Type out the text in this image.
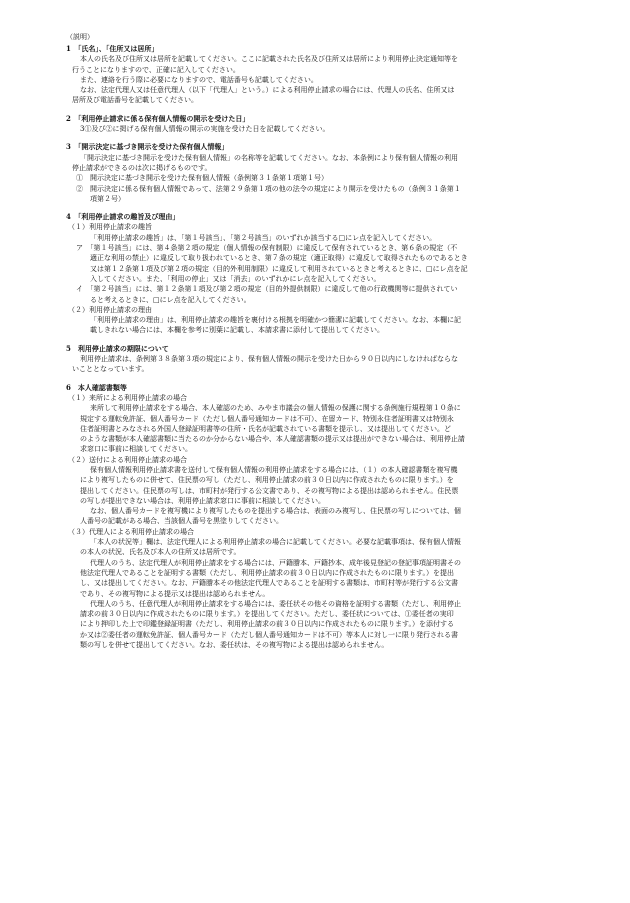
（説明）
1　「氏名」、「住所又は居所」
本人の氏名及び住所又は居所を記載してください。ここに記載された氏名及び住所又は居所により利用停止決定通知等を
行うことになりますので、正確に記入してください。
また、連絡を行う際に必要になりますので、電話番号も記載してください。
なお、法定代理人又は任意代理人（以下「代理人」という。）による利用停止請求の場合には、代理人の氏名、住所又は
居所及び電話番号を記載してください。
2　「利用停止請求に係る保有個人情報の開示を受けた日」
3①及び②に掲げる保有個人情報の開示の実施を受けた日を記載してください。
3　「開示決定に基づき開示を受けた保有個人情報」
「開示決定に基づき開示を受けた保有個人情報」の名称等を記載してください。なお、本条例により保有個人情報の利用
停止請求ができるのは次に掲げるものです。
①　開示決定に基づき開示を受けた保有個人情報（条例第３１条第１項第１号）
②　開示決定に係る保有個人情報であって、法第２９条第１項の他の法令の規定により開示を受けたもの（条例３１条第１
項第２号）
4　「利用停止請求の趣旨及び理由」
（１）利用停止請求の趣旨
「利用停止請求の趣旨」は、「第１号該当」、「第２号該当」のいずれか該当する□にレ点を記入してください。
ア　「第１号該当」には、第４条第２項の規定（個人情報の保有制限）に違反して保有されているとき、第６条の規定（不
適正な利用の禁止）に違反して取り扱われているとき、第７条の規定（適正取得）に違反して取得されたものであるとき
又は第１２条第１項及び第２項の規定（目的外利用制限）に違反して利用されているときと考えるときに、□にレ点を記
入してください。また、「利用の停止」又は「消去」のいずれかにレ点を記入してください。
イ　「第２号該当」には、第１２条第１項及び第２項の規定（目的外提供制限）に違反して他の行政機関等に提供されてい
ると考えるときに、□にレ点を記入してください。
（２）利用停止請求の理由
「利用停止請求の理由」は、利用停止請求の趣旨を裏付ける根拠を明確かつ簡潔に記載してください。なお、本欄に記
載しきれない場合には、本欄を参考に別葉に記載し、本請求書に添付して提出してください。
5　利用停止請求の期限について
利用停止請求は、条例第３８条第３項の規定により、保有個人情報の開示を受けた日から９０日以内にしなければならな
いこととなっています。
6　本人確認書類等
（１）来所による利用停止請求の場合
来所して利用停止請求をする場合、本人確認のため、みやま市議会の個人情報の保護に関する条例施行規程第１０条に
規定する運転免許証、個人番号カード（ただし個人番号通知カードは不可）、在留カード、特別永住者証明書又は特別永
住者証明書とみなされる外国人登録証明書等の住所・氏名が記載されている書類を提示し、又は提出してください。ど
のような書類が本人確認書類に当たるのか分からない場合や、本人確認書類の提示又は提出ができない場合は、利用停止請
求窓口に事前に相談してください。
（２）送付による利用停止請求の場合
保有個人情報利用停止請求書を送付して保有個人情報の利用停止請求をする場合には、（１）の本人確認書類を複写機
により複写したものに併せて、住民票の写し（ただし、利用停止請求の前３０日以内に作成されたものに限ります。）を
提出してください。住民票の写しは、市町村が発行する公文書であり、その複写物による提出は認められません。住民票
の写しが提出できない場合は、利用停止請求窓口に事前に相談してください。
なお、個人番号カードを複写機により複写したものを提出する場合は、表面のみ複写し、住民票の写しについては、個
人番号の記載がある場合、当該個人番号を黒塗りしてください。
（３）代理人による利用停止請求の場合
「本人の状況等」欄は、法定代理人による利用停止請求の場合に記載してください。必要な記載事項は、保有個人情報
の本人の状況、氏名及び本人の住所又は居所です。
代理人のうち、法定代理人が利用停止請求をする場合には、戸籍謄本、戸籍抄本、成年後見登記の登記事項証明書その
他法定代理人であることを証明する書類（ただし、利用停止請求の前３０日以内に作成されたものに限ります。）を提出
し、又は提出してください。なお、戸籍謄本その他法定代理人であることを証明する書類は、市町村等が発行する公文書
であり、その複写物による提示又は提出は認められません。
代理人のうち、任意代理人が利用停止請求をする場合には、委任状その他その資格を証明する書類（ただし、利用停止
請求の前３０日以内に作成されたものに限ります。）を提出してください。ただし、委任状については、①委任者の実印
により押印した上で印鑑登録証明書（ただし、利用停止請求の前３０日以内に作成されたものに限ります。）を添付する
か又は②委任者の運転免許証、個人番号カード（ただし個人番号通知カードは不可）等本人に対し一に限り発行される書
類の写しを併せて提出してください。なお、委任状は、その複写物による提出は認められません。
